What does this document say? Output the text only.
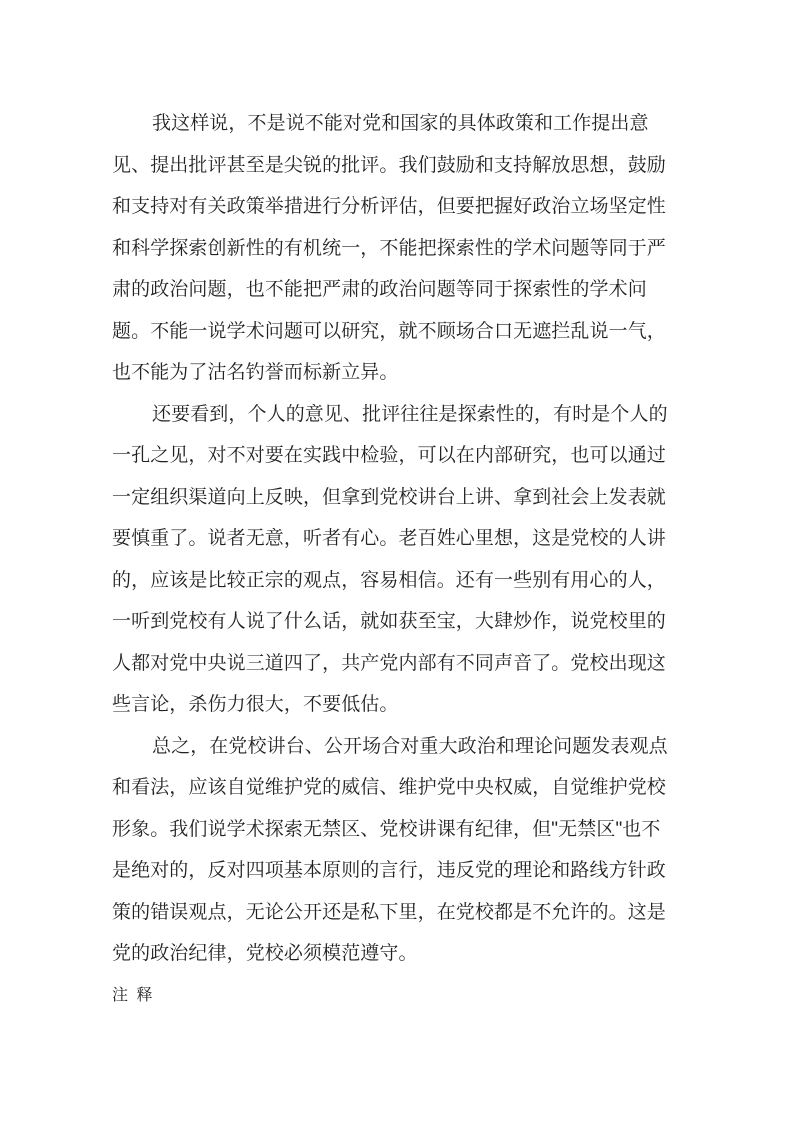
我这样说，不是说不能对党和国家的具体政策和工作提出意
见、提出批评甚至是尖锐的批评。我们鼓励和支持解放思想，鼓励
和支持对有关政策举措进行分析评估，但要把握好政治立场坚定性
和科学探索创新性的有机统一，不能把探索性的学术问题等同于严
肃的政治问题，也不能把严肃的政治问题等同于探索性的学术问
题。不能一说学术问题可以研究，就不顾场合口无遮拦乱说一气，
也不能为了沽名钓誉而标新立异。
还要看到，个人的意见、批评往往是探索性的，有时是个人的
一孔之见，对不对要在实践中检验，可以在内部研究，也可以通过
一定组织渠道向上反映，但拿到党校讲台上讲、拿到社会上发表就
要慎重了。说者无意，听者有心。老百姓心里想，这是党校的人讲
的，应该是比较正宗的观点，容易相信。还有一些别有用心的人，
一听到党校有人说了什么话，就如获至宝，大肆炒作，说党校里的
人都对党中央说三道四了，共产党内部有不同声音了。党校出现这
些言论，杀伤力很大，不要低估。
总之，在党校讲台、公开场合对重大政治和理论问题发表观点
和看法，应该自觉维护党的威信、维护党中央权威，自觉维护党校
形象。我们说学术探索无禁区、党校讲课有纪律，但"无禁区"也不
是绝对的，反对四项基本原则的言行，违反党的理论和路线方针政
策的错误观点，无论公开还是私下里，在党校都是不允许的。这是
党的政治纪律，党校必须模范遵守。
注 释
